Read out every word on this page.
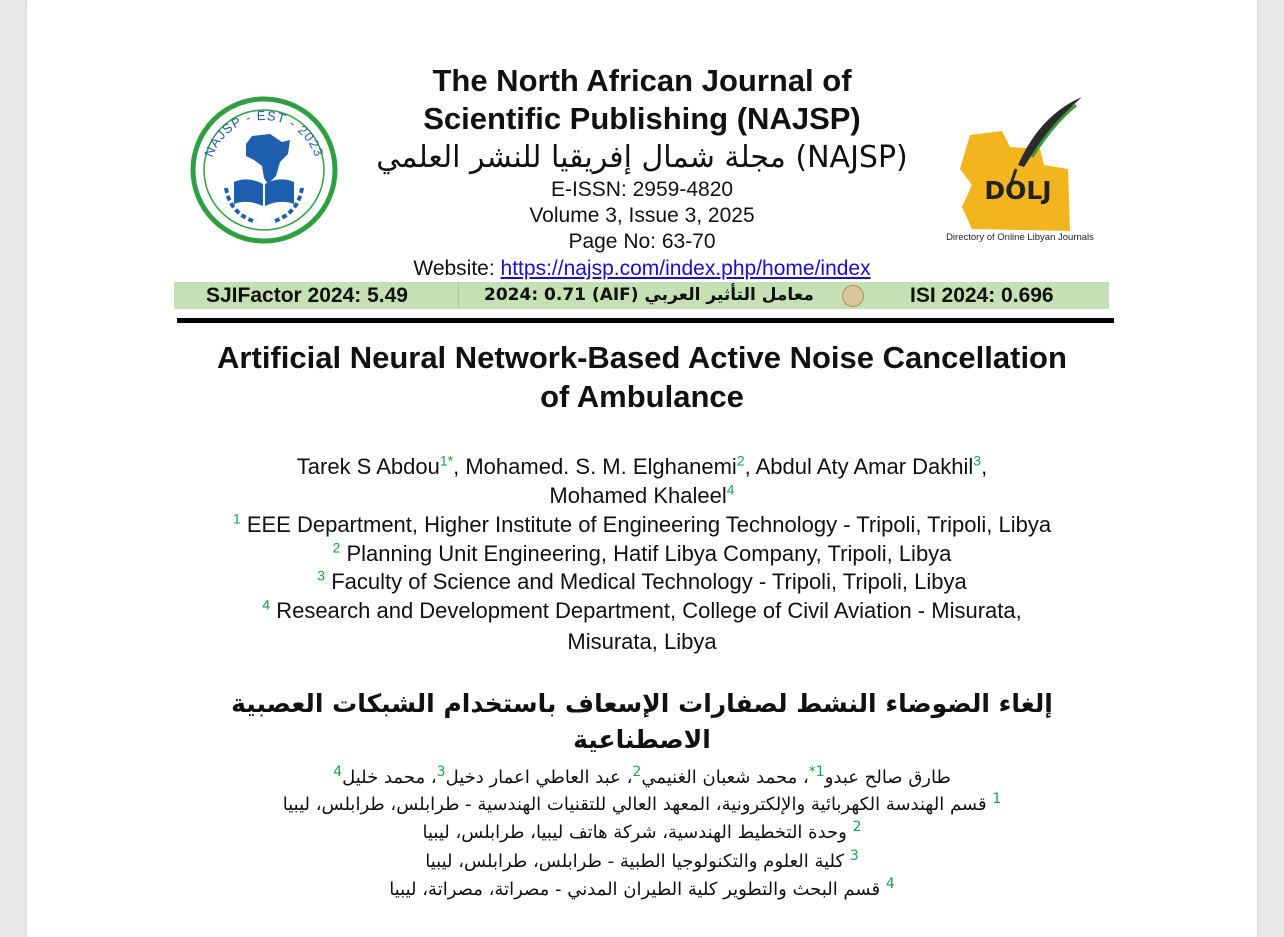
NAJSP - EST - 2023
The North African Journal of
Scientific Publishing (NAJSP)
مجلة شمال إفريقيا للنشر العلمي (NAJSP)
E-ISSN: 2959-4820
Volume 3, Issue 3, 2025
Page No: 63-70
Website: https://najsp.com/index.php/home/index
DOLJ
Directory of Online Libyan Journals
SJIFactor 2024: 5.49	معامل التأثير العربي (AIF) 2024: 0.71	ISI 2024: 0.696
Artificial Neural Network-Based Active Noise Cancellation
of Ambulance
Tarek S Abdou$^{1*}$, Mohamed. S. M. Elghanemi$^2$, Abdul Aty Amar Dakhil$^3$,
Mohamed Khaleel$^4$
$^1$ EEE Department, Higher Institute of Engineering Technology - Tripoli, Tripoli, Libya
$^2$ Planning Unit Engineering, Hatif Libya Company, Tripoli, Libya
$^3$ Faculty of Science and Medical Technology - Tripoli, Tripoli, Libya
$^4$ Research and Development Department, College of Civil Aviation - Misurata,
Misurata, Libya
إلغاء الضوضاء النشط لصفارات الإسعاف باستخدام الشبكات العصبية الاصطناعية
طارق صالح عبدو$^{1*}$، محمد شعبان الغنيمي$^2$، عبد العاطي اعمار دخيل$^3$، محمد خليل$^4$
$^1$ قسم الهندسة الكهربائية والإلكترونية، المعهد العالي للتقنيات الهندسية - طرابلس، طرابلس، ليبيا
$^2$ وحدة التخطيط الهندسية، شركة هاتف ليبيا، طرابلس، ليبيا
$^3$ كلية العلوم والتكنولوجيا الطبية - طرابلس، طرابلس، ليبيا
$^4$ قسم البحث والتطوير كلية الطيران المدني - مصراتة، مصراتة، ليبيا
